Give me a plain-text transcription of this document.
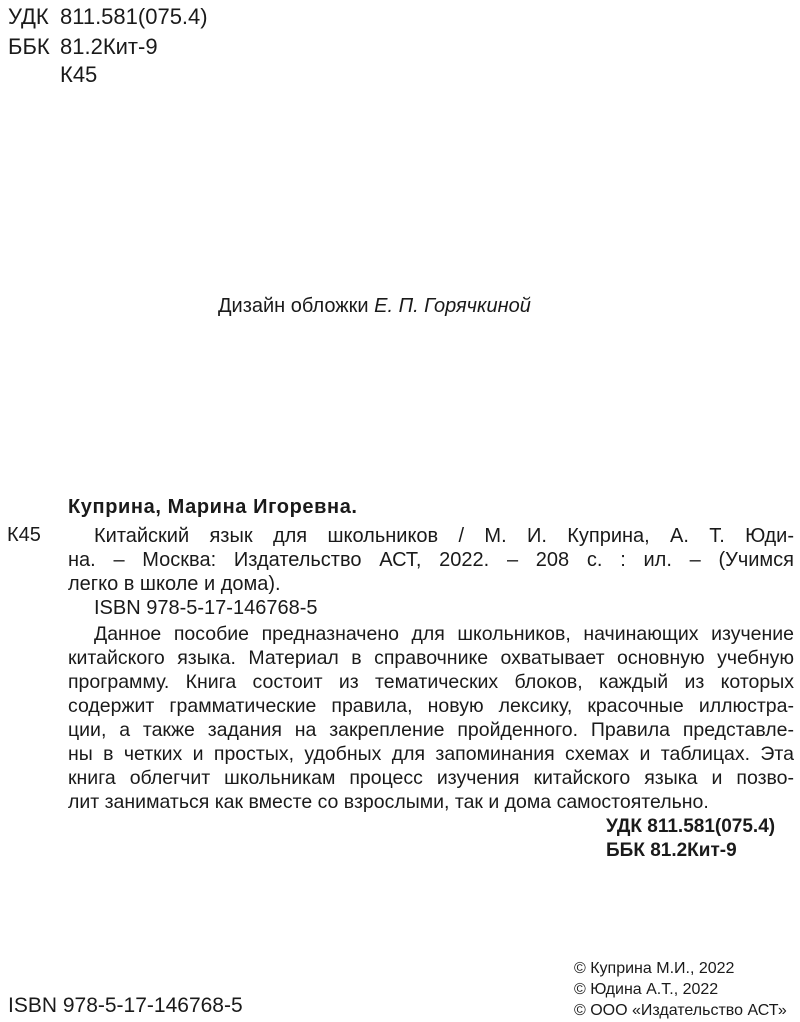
УДК 811.581(075.4)
ББК 81.2Кит-9
К45
Дизайн обложки Е. П. Горячкиной
Куприна, Марина Игоревна.
К45	Китайский язык для школьников / М. И. Куприна, А. Т. Юди-
на. – Москва: Издательство АСТ, 2022. – 208 с. : ил. – (Учимся
легко в школе и дома).
ISBN 978-5-17-146768-5
Данное пособие предназначено для школьников, начинающих изучение
китайского языка. Материал в справочнике охватывает основную учебную
программу. Книга состоит из тематических блоков, каждый из которых
содержит грамматические правила, новую лексику, красочные иллюстра-
ции, а также задания на закрепление пройденного. Правила представле-
ны в четких и простых, удобных для запоминания схемах и таблицах. Эта
книга облегчит школьникам процесс изучения китайского языка и позво-
лит заниматься как вместе со взрослыми, так и дома самостоятельно.
УДК 811.581(075.4)
ББК 81.2Кит-9
ISBN 978-5-17-146768-5
© Куприна М.И., 2022
© Юдина А.Т., 2022
© ООО «Издательство АСТ»
